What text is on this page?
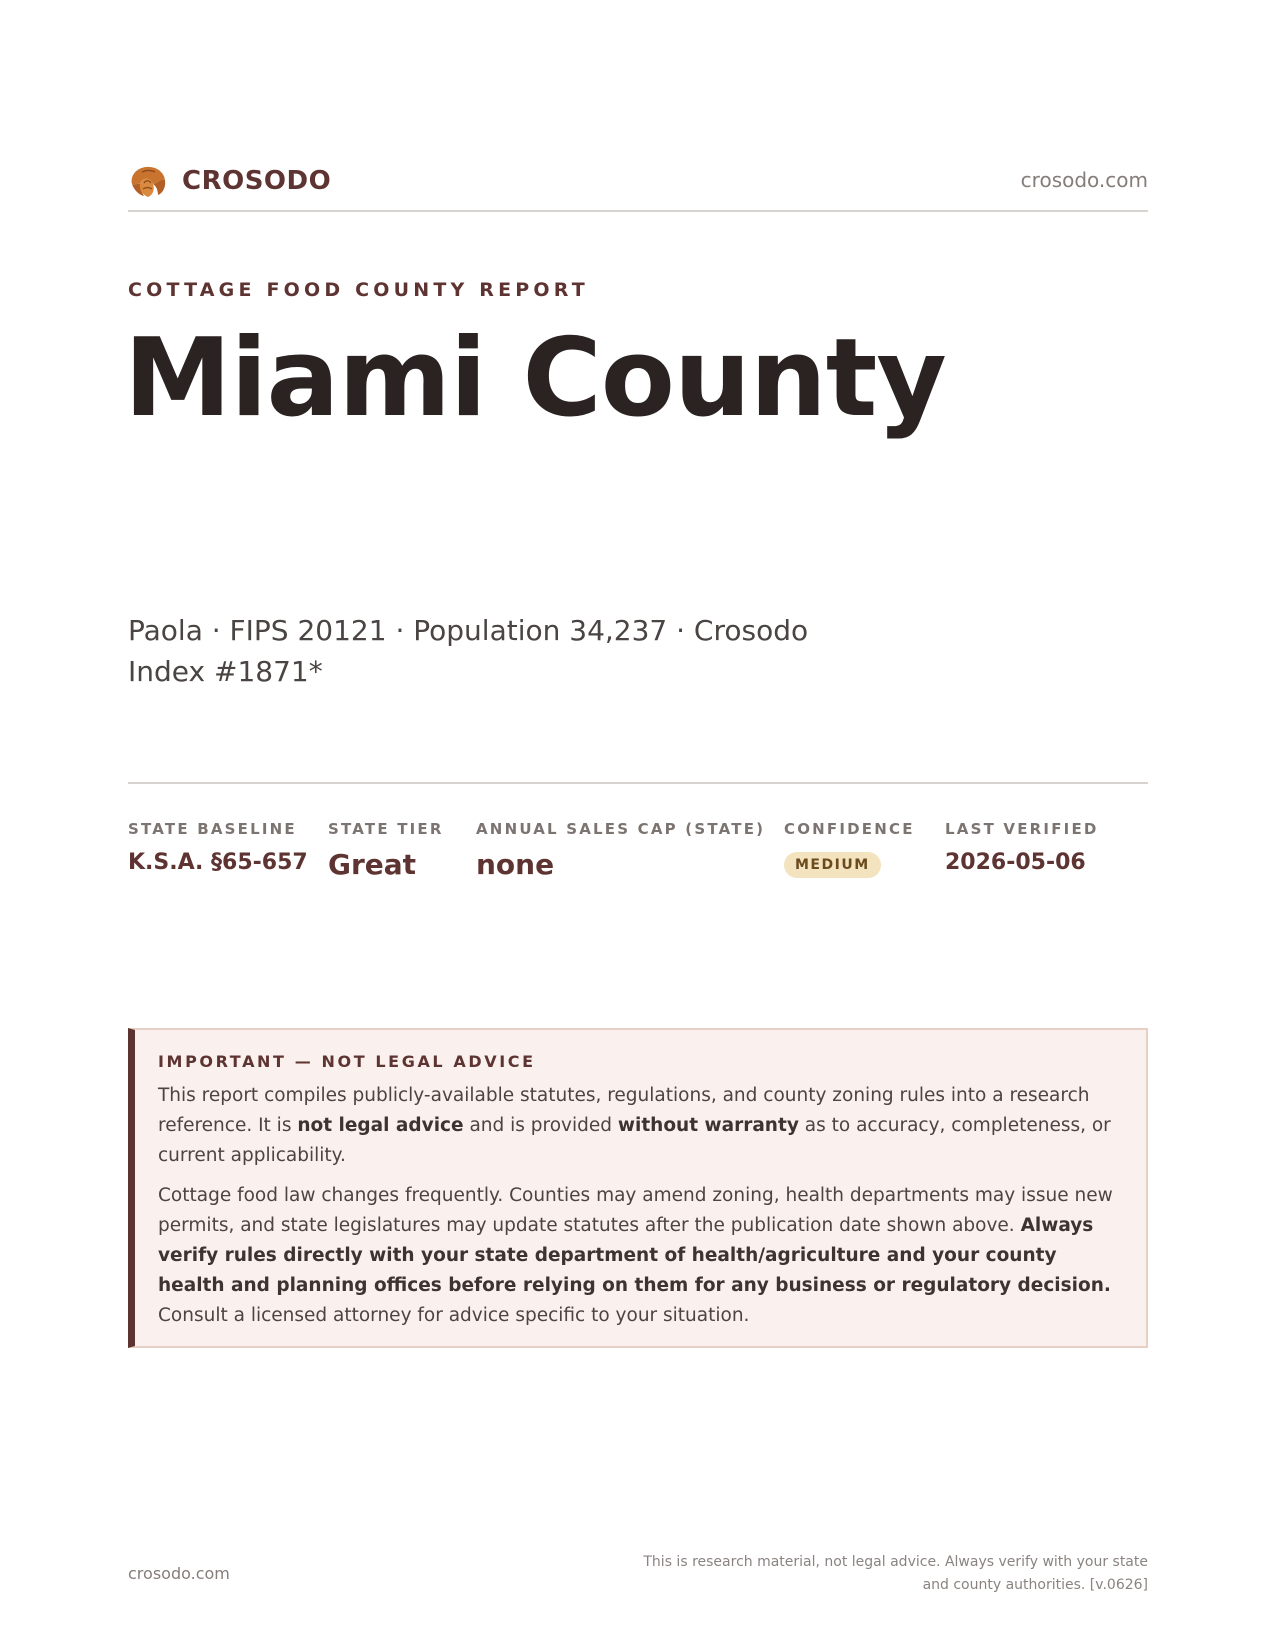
CROSODO	crosodo.com
COTTAGE FOOD COUNTY REPORT
Miami County
Paola · FIPS 20121 · Population 34,237 · Crosodo Index #1871*
STATE BASELINE
K.S.A. §65-657
STATE TIER
Great
ANNUAL SALES CAP (STATE)
none
CONFIDENCE
MEDIUM
LAST VERIFIED
2026-05-06
IMPORTANT — NOT LEGAL ADVICE

This report compiles publicly-available statutes, regulations, and county zoning rules into a research reference. It is not legal advice and is provided without warranty as to accuracy, completeness, or current applicability.

Cottage food law changes frequently. Counties may amend zoning, health departments may issue new permits, and state legislatures may update statutes after the publication date shown above. Always verify rules directly with your state department of health/agriculture and your county health and planning offices before relying on them for any business or regulatory decision. Consult a licensed attorney for advice specific to your situation.

crosodo.com
This is research material, not legal advice. Always verify with your state
and county authorities. [v.0626]
